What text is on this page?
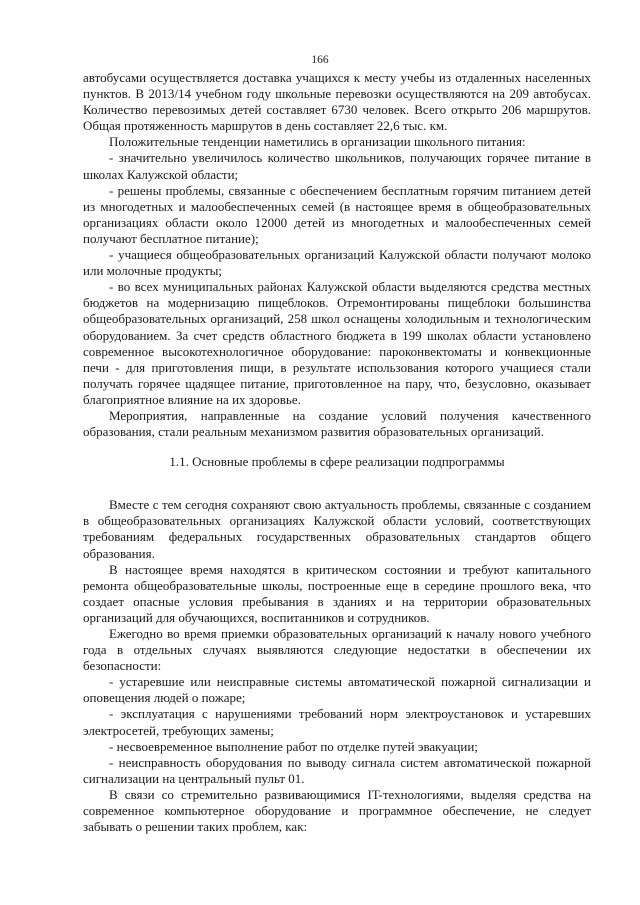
166

автобусами осуществляется доставка учащихся к месту учебы из отдаленных населенных пунктов. В 2013/14 учебном году школьные перевозки осуществляются на 209 автобусах. Количество перевозимых детей составляет 6730 человек. Всего открыто 206 маршрутов. Общая протяженность маршрутов в день составляет 22,6 тыс. км.

Положительные тенденции наметились в организации школьного питания:

- значительно увеличилось количество школьников, получающих горячее питание в школах Калужской области;

- решены проблемы, связанные с обеспечением бесплатным горячим питанием детей из многодетных и малообеспеченных семей (в настоящее время в общеобразовательных организациях области около 12000 детей из многодетных и малообеспеченных семей получают бесплатное питание);

- учащиеся общеобразовательных организаций Калужской области получают молоко или молочные продукты;

- во всех муниципальных районах Калужской области выделяются средства местных бюджетов на модернизацию пищеблоков. Отремонтированы пищеблоки большинства общеобразовательных организаций, 258 школ оснащены холодильным и технологическим оборудованием. За счет средств областного бюджета в 199 школах области установлено современное высокотехнологичное оборудование: пароконвектоматы и конвекционные печи - для приготовления пищи, в результате использования которого учащиеся стали получать горячее щадящее питание, приготовленное на пару, что, безусловно, оказывает благоприятное влияние на их здоровье.

Мероприятия, направленные на создание условий получения качественного образования, стали реальным механизмом развития образовательных организаций.

1.1. Основные проблемы в сфере реализации подпрограммы

Вместе с тем сегодня сохраняют свою актуальность проблемы, связанные с созданием в общеобразовательных организациях Калужской области условий, соответствующих требованиям федеральных государственных образовательных стандартов общего образования.

В настоящее время находятся в критическом состоянии и требуют капитального ремонта общеобразовательные школы, построенные еще в середине прошлого века, что создает опасные условия пребывания в зданиях и на территории образовательных организаций для обучающихся, воспитанников и сотрудников.

Ежегодно во время приемки образовательных организаций к началу нового учебного года в отдельных случаях выявляются следующие недостатки в обеспечении их безопасности:

- устаревшие или неисправные системы автоматической пожарной сигнализации и оповещения людей о пожаре;

- эксплуатация с нарушениями требований норм электроустановок и устаревших электросетей, требующих замены;

- несвоевременное выполнение работ по отделке путей эвакуации;

- неисправность оборудования по выводу сигнала систем автоматической пожарной сигнализации на центральный пульт 01.

В связи со стремительно развивающимися IT-технологиями, выделяя средства на современное компьютерное оборудование и программное обеспечение, не следует забывать о решении таких проблем, как:
